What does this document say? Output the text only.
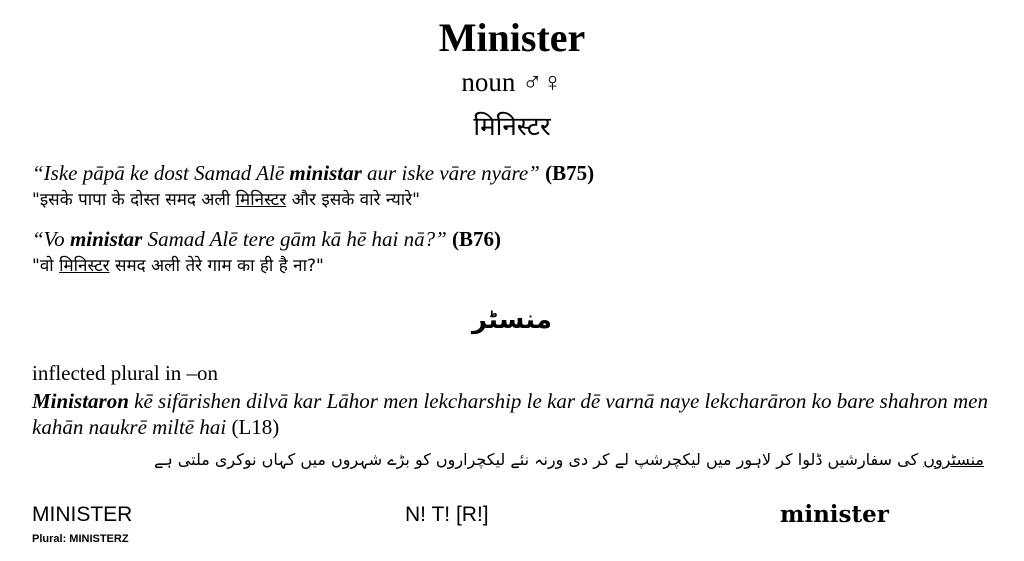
Minister
noun ♂♀
मिनिस्टर
“Iske pāpā ke dost Samad Alē ministar aur iske vāre nyāre” (B75)
"इसके पापा के दोस्त समद अली मिनिस्टर और इसके वारे न्यारे"
“Vo ministar Samad Alē tere gām kā hē hai nā?” (B76)
"वो मिनिस्टर समद अली तेरे गाम का ही है ना?"
منسٹر
inflected plural in –on
Ministaron kē sifārishen dilvā kar Lāhor men lekcharship le kar dē varnā naye lekcharāron ko bare shahron men kahān naukrē miltē hai (L18)
منسٹروں کی سفارشیں ڈلوا کر لاہور میں لیکچرشپ لے کر دی ورنہ نئے لیکچراروں کو بڑے شہروں میں کہاں نوکری ملتی ہے
MINISTER
Plural: MINISTERZ
N! T! [R!]	minister
